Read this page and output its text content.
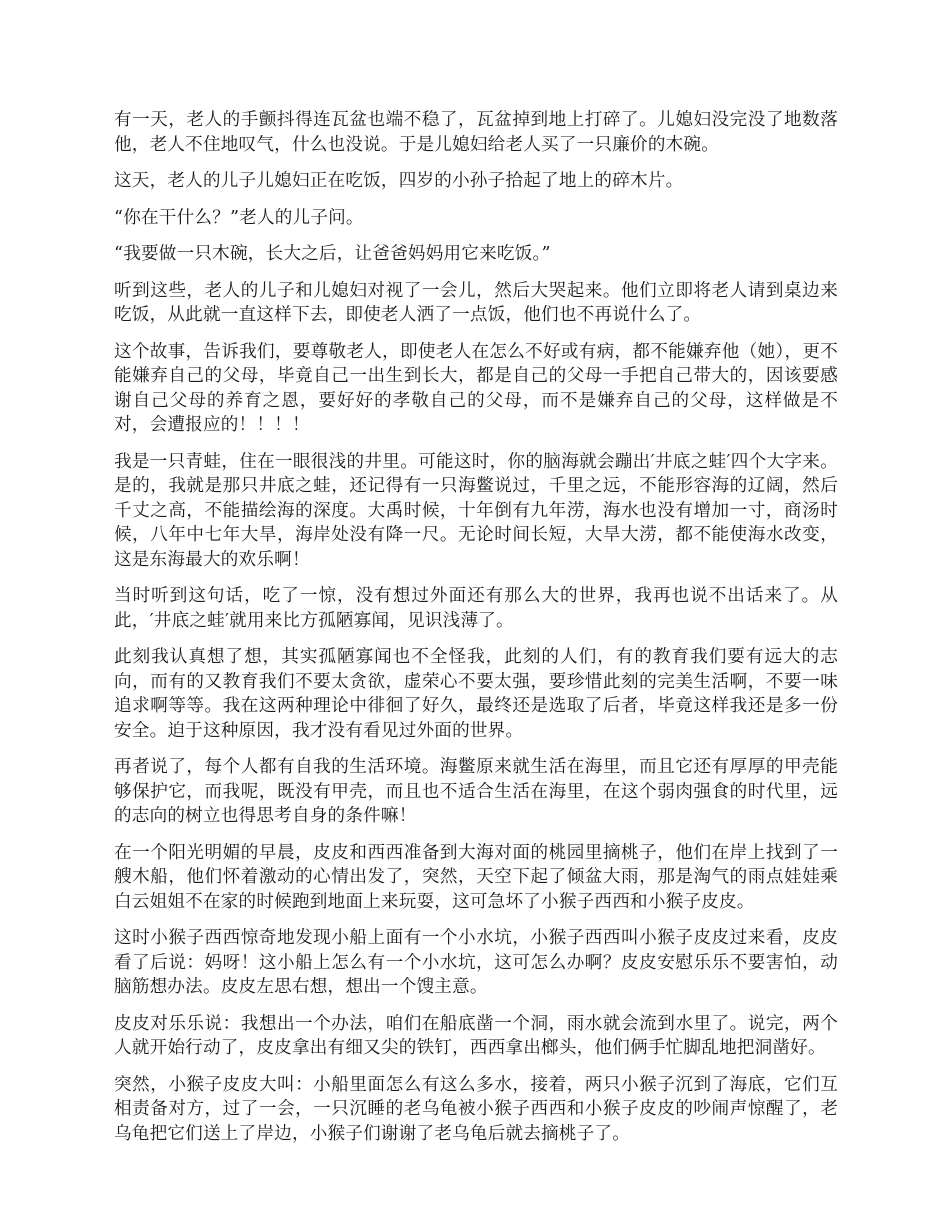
有一天，老人的手颤抖得连瓦盆也端不稳了，瓦盆掉到地上打碎了。儿媳妇没完没了地数落他，老人不住地叹气，什么也没说。于是儿媳妇给老人买了一只廉价的木碗。

这天，老人的儿子儿媳妇正在吃饭，四岁的小孙子拾起了地上的碎木片。

“你在干什么？”老人的儿子问。

“我要做一只木碗，长大之后，让爸爸妈妈用它来吃饭。”

听到这些，老人的儿子和儿媳妇对视了一会儿，然后大哭起来。他们立即将老人请到桌边来吃饭，从此就一直这样下去，即使老人洒了一点饭，他们也不再说什么了。

这个故事，告诉我们，要尊敬老人，即使老人在怎么不好或有病，都不能嫌弃他（她），更不能嫌弃自己的父母，毕竟自己一出生到长大，都是自己的父母一手把自己带大的，因该要感谢自己父母的养育之恩，要好好的孝敬自己的父母，而不是嫌弃自己的父母，这样做是不对，会遭报应的！！！！

我是一只青蛙，住在一眼很浅的井里。可能这时，你的脑海就会蹦出′井底之蛙′四个大字来。是的，我就是那只井底之蛙，还记得有一只海鳖说过，千里之远，不能形容海的辽阔，然后千丈之高，不能描绘海的深度。大禹时候，十年倒有九年涝，海水也没有增加一寸，商汤时候，八年中七年大旱，海岸处没有降一尺。无论时间长短，大旱大涝，都不能使海水改变，这是东海最大的欢乐啊！

当时听到这句话，吃了一惊，没有想过外面还有那么大的世界，我再也说不出话来了。从此，′井底之蛙′就用来比方孤陋寡闻，见识浅薄了。

此刻我认真想了想，其实孤陋寡闻也不全怪我，此刻的人们，有的教育我们要有远大的志向，而有的又教育我们不要太贪欲，虚荣心不要太强，要珍惜此刻的完美生活啊，不要一味追求啊等等。我在这两种理论中徘徊了好久，最终还是选取了后者，毕竟这样我还是多一份安全。迫于这种原因，我才没有看见过外面的世界。

再者说了，每个人都有自我的生活环境。海鳖原来就生活在海里，而且它还有厚厚的甲壳能够保护它，而我呢，既没有甲壳，而且也不适合生活在海里，在这个弱肉强食的时代里，远的志向的树立也得思考自身的条件嘛！

在一个阳光明媚的早晨，皮皮和西西准备到大海对面的桃园里摘桃子，他们在岸上找到了一艘木船，他们怀着激动的心情出发了，突然，天空下起了倾盆大雨，那是淘气的雨点娃娃乘白云姐姐不在家的时候跑到地面上来玩耍，这可急坏了小猴子西西和小猴子皮皮。

这时小猴子西西惊奇地发现小船上面有一个小水坑，小猴子西西叫小猴子皮皮过来看，皮皮看了后说：妈呀！这小船上怎么有一个小水坑，这可怎么办啊？皮皮安慰乐乐不要害怕，动脑筋想办法。皮皮左思右想，想出一个馊主意。

皮皮对乐乐说：我想出一个办法，咱们在船底凿一个洞，雨水就会流到水里了。说完，两个人就开始行动了，皮皮拿出有细又尖的铁钉，西西拿出榔头，他们俩手忙脚乱地把洞凿好。

突然，小猴子皮皮大叫：小船里面怎么有这么多水，接着，两只小猴子沉到了海底，它们互相责备对方，过了一会，一只沉睡的老乌龟被小猴子西西和小猴子皮皮的吵闹声惊醒了，老乌龟把它们送上了岸边，小猴子们谢谢了老乌龟后就去摘桃子了。
